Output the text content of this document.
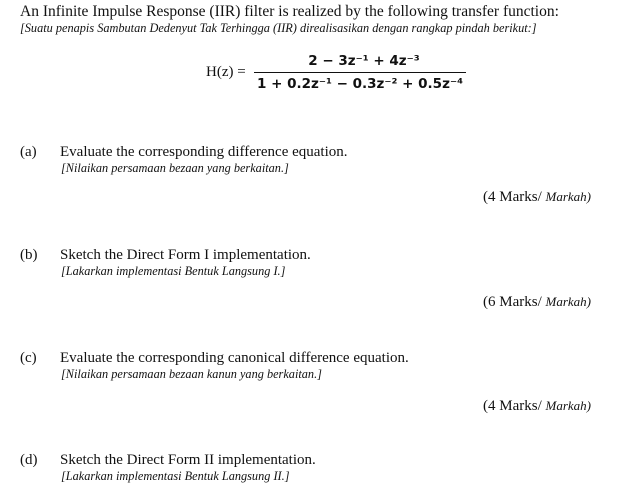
An Infinite Impulse Response (IIR) filter is realized by the following transfer function:
[Suatu penapis Sambutan Dedenyut Tak Terhingga (IIR) direalisasikan dengan rangkap pindah berikut:]
H(z) =
2 − 3z⁻¹ + 4z⁻³
1 + 0.2z⁻¹ − 0.3z⁻² + 0.5z⁻⁴
(a) Evaluate the corresponding difference equation.
[Nilaikan persamaan bezaan yang berkaitan.]
(4 Marks/ Markah)
(b) Sketch the Direct Form I implementation.
[Lakarkan implementasi Bentuk Langsung I.]
(6 Marks/ Markah)
(c) Evaluate the corresponding canonical difference equation.
[Nilaikan persamaan bezaan kanun yang berkaitan.]
(4 Marks/ Markah)
(d) Sketch the Direct Form II implementation.
[Lakarkan implementasi Bentuk Langsung II.]
